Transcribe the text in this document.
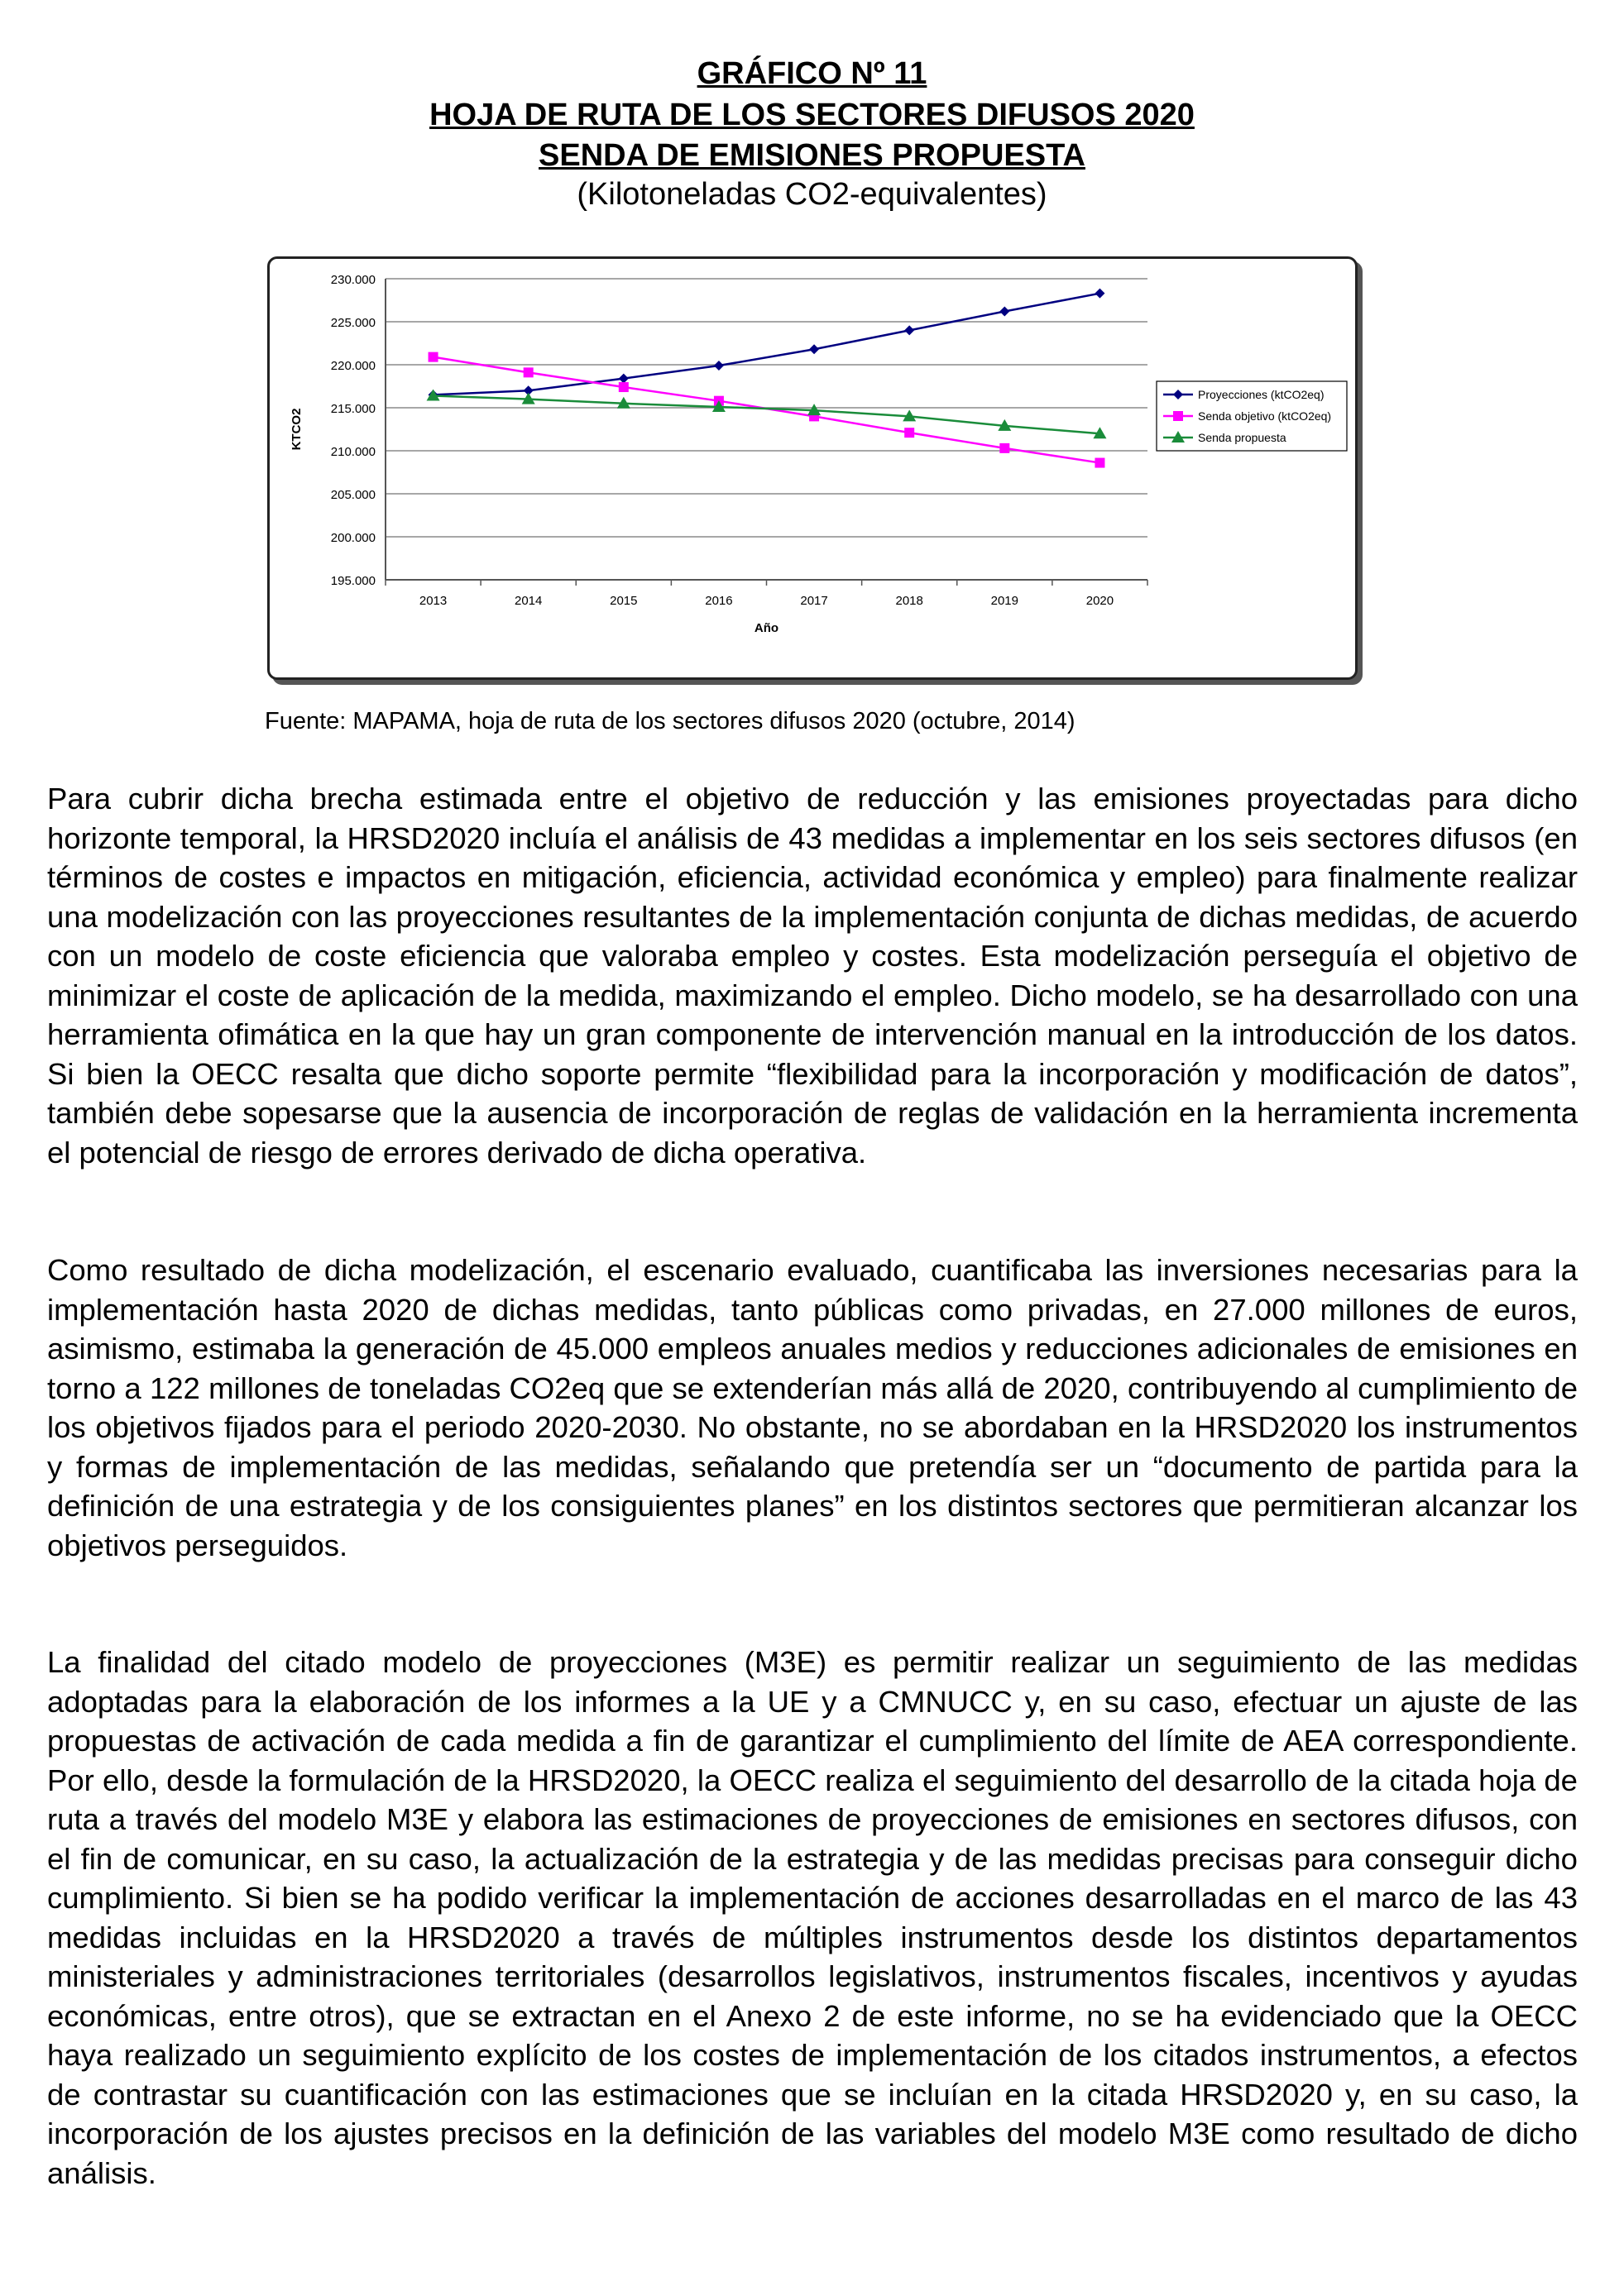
GRÁFICO Nº 11
HOJA DE RUTA DE LOS SECTORES DIFUSOS 2020
SENDA DE EMISIONES PROPUESTA
(Kilotoneladas CO2-equivalentes)
195.000
200.000
205.000
210.000
215.000
220.000
225.000
230.000
2013	2014	2015	2016	2017	2018	2019	2020
Año
KTCO2
Proyecciones (ktCO2eq)
Senda objetivo (ktCO2eq)
Senda propuesta
Fuente: MAPAMA, hoja de ruta de los sectores difusos 2020 (octubre, 2014)

Para cubrir dicha brecha estimada entre el objetivo de reducción y las emisiones proyectadas para dicho horizonte temporal, la HRSD2020 incluía el análisis de 43 medidas a implementar en los seis sectores difusos (en términos de costes e impactos en mitigación, eficiencia, actividad económica y empleo) para finalmente realizar una modelización con las proyecciones resultantes de la implementación conjunta de dichas medidas, de acuerdo con un modelo de coste eficiencia que valoraba empleo y costes. Esta modelización perseguía el objetivo de minimizar el coste de aplicación de la medida, maximizando el empleo. Dicho modelo, se ha desarrollado con una herramienta ofimática en la que hay un gran componente de intervención manual en la introducción de los datos. Si bien la OECC resalta que dicho soporte permite “flexibilidad para la incorporación y modificación de datos”, también debe sopesarse que la ausencia de incorporación de reglas de validación en la herramienta incrementa el potencial de riesgo de errores derivado de dicha operativa.

Como resultado de dicha modelización, el escenario evaluado, cuantificaba las inversiones necesarias para la implementación hasta 2020 de dichas medidas, tanto públicas como privadas, en 27.000 millones de euros, asimismo, estimaba la generación de 45.000 empleos anuales medios y reducciones adicionales de emisiones en torno a 122 millones de toneladas CO2eq que se extenderían más allá de 2020, contribuyendo al cumplimiento de los objetivos fijados para el periodo 2020-2030. No obstante, no se abordaban en la HRSD2020 los instrumentos y formas de implementación de las medidas, señalando que pretendía ser un “documento de partida para la definición de una estrategia y de los consiguientes planes” en los distintos sectores que permitieran alcanzar los objetivos perseguidos.

La finalidad del citado modelo de proyecciones (M3E) es permitir realizar un seguimiento de las medidas adoptadas para la elaboración de los informes a la UE y a CMNUCC y, en su caso, efectuar un ajuste de las propuestas de activación de cada medida a fin de garantizar el cumplimiento del límite de AEA correspondiente. Por ello, desde la formulación de la HRSD2020, la OECC realiza el seguimiento del desarrollo de la citada hoja de ruta a través del modelo M3E y elabora las estimaciones de proyecciones de emisiones en sectores difusos, con el fin de comunicar, en su caso, la actualización de la estrategia y de las medidas precisas para conseguir dicho cumplimiento. Si bien se ha podido verificar la implementación de acciones desarrolladas en el marco de las 43 medidas incluidas en la HRSD2020 a través de múltiples instrumentos desde los distintos departamentos ministeriales y administraciones territoriales (desarrollos legislativos, instrumentos fiscales, incentivos y ayudas económicas, entre otros), que se extractan en el Anexo 2 de este informe, no se ha evidenciado que la OECC haya realizado un seguimiento explícito de los costes de implementación de los citados instrumentos, a efectos de contrastar su cuantificación con las estimaciones que se incluían en la citada HRSD2020 y, en su caso, la incorporación de los ajustes precisos en la definición de las variables del modelo M3E como resultado de dicho análisis.
